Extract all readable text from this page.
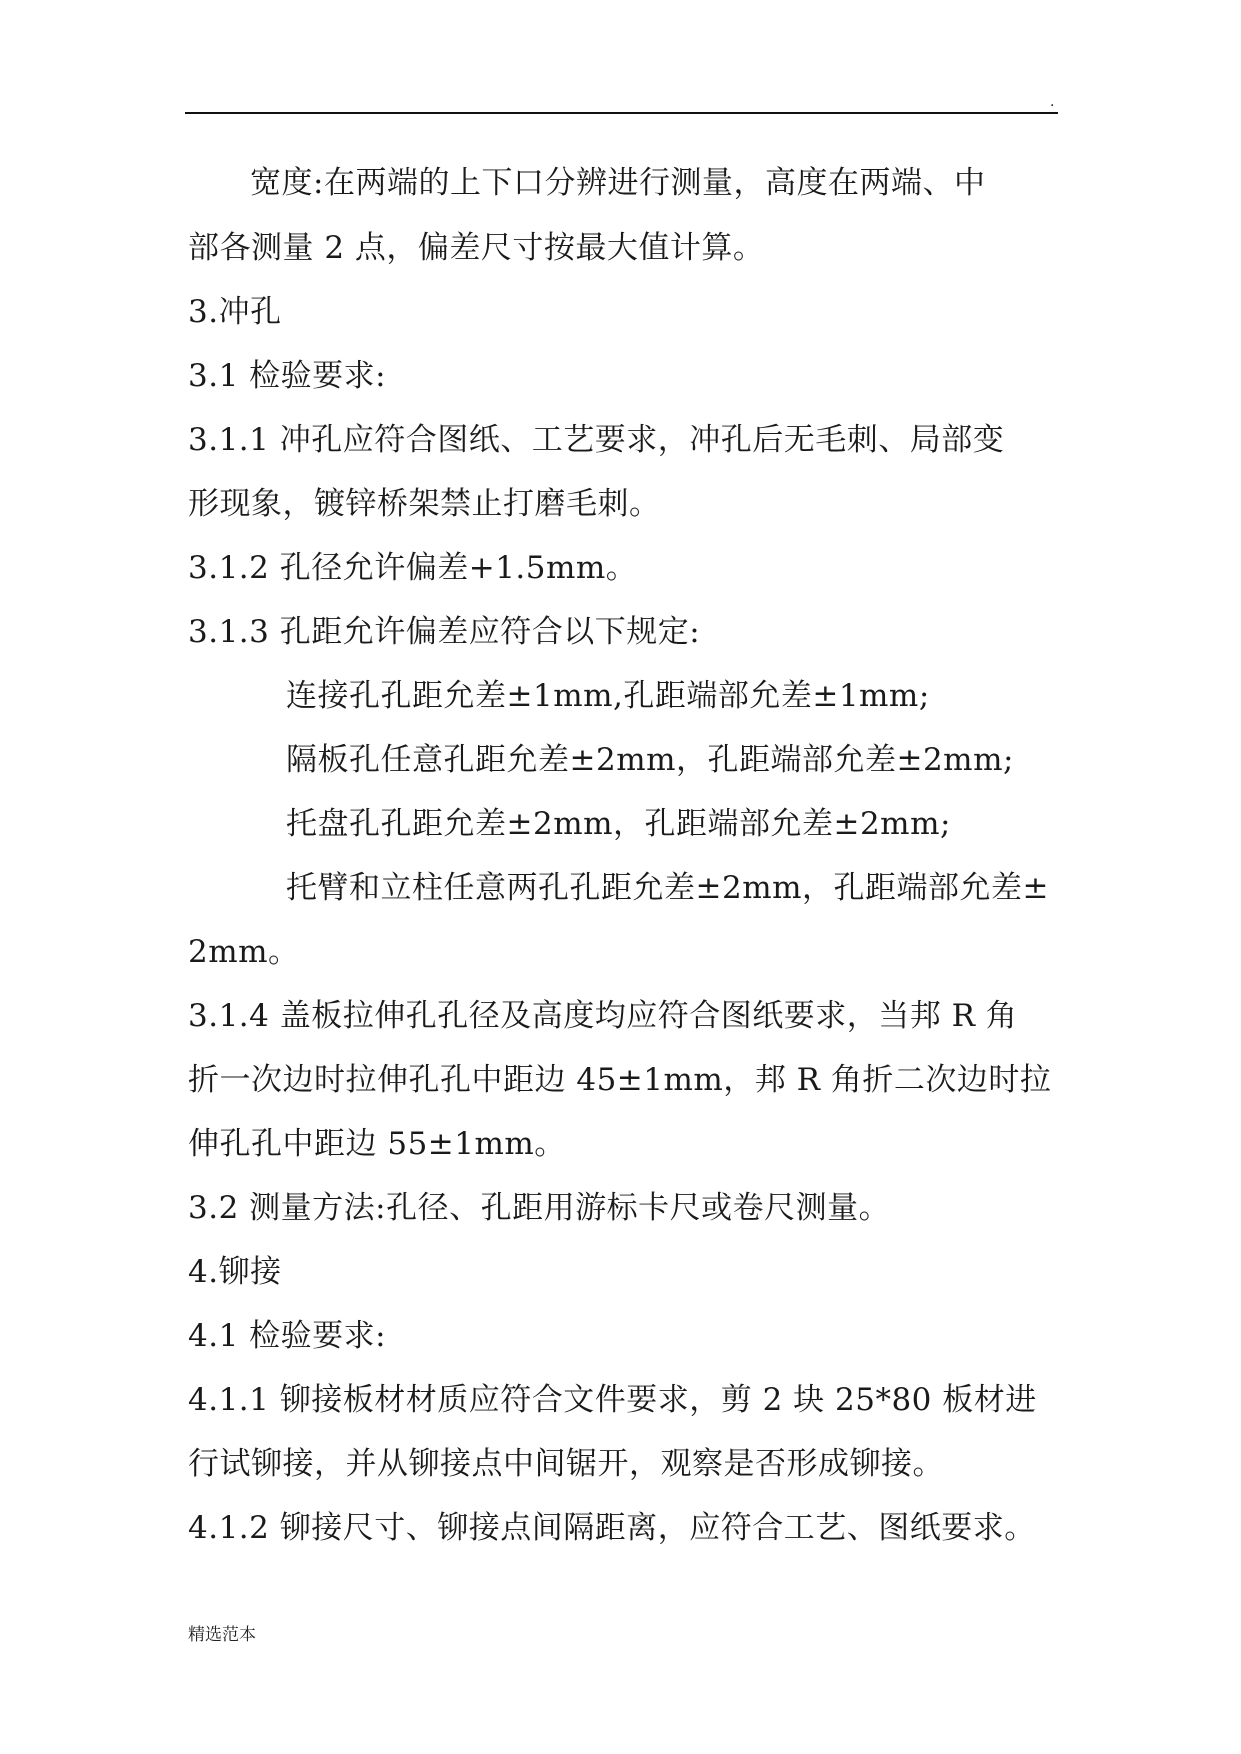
.
宽度:在两端的上下口分辨进行测量，高度在两端、中
部各测量 2 点，偏差尺寸按最大值计算。
3.冲孔
3.1 检验要求:
3.1.1 冲孔应符合图纸、工艺要求，冲孔后无毛刺、局部变
形现象，镀锌桥架禁止打磨毛刺。
3.1.2 孔径允许偏差+1.5mm。
3.1.3 孔距允许偏差应符合以下规定:
连接孔孔距允差±1mm,孔距端部允差±1mm;
隔板孔任意孔距允差±2mm，孔距端部允差±2mm;
托盘孔孔距允差±2mm，孔距端部允差±2mm;
托臂和立柱任意两孔孔距允差±2mm，孔距端部允差±
2mm。
3.1.4 盖板拉伸孔孔径及高度均应符合图纸要求，当邦 R 角
折一次边时拉伸孔孔中距边 45±1mm，邦 R 角折二次边时拉
伸孔孔中距边 55±1mm。
3.2 测量方法:孔径、孔距用游标卡尺或卷尺测量。
4.铆接
4.1 检验要求:
4.1.1 铆接板材材质应符合文件要求，剪 2 块 25*80 板材进
行试铆接，并从铆接点中间锯开，观察是否形成铆接。
4.1.2 铆接尺寸、铆接点间隔距离，应符合工艺、图纸要求。
精选范本
